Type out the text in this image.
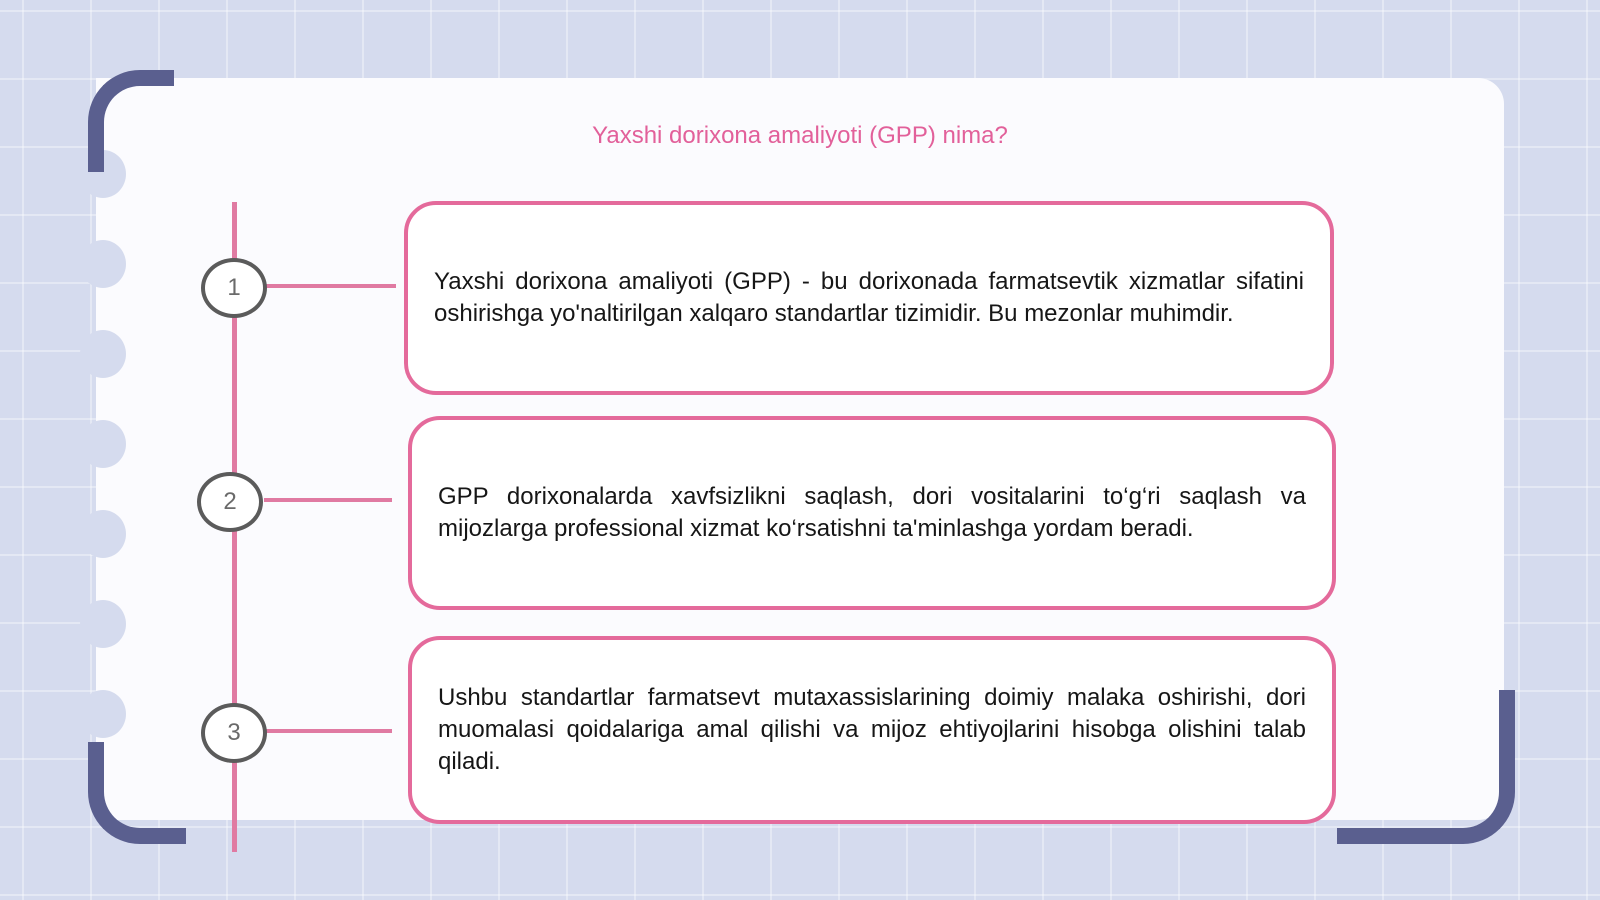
Yaxshi dorixona amaliyoti (GPP) nima?
1	Yaxshi dorixona amaliyoti (GPP) - bu dorixonada farmatsevtik xizmatlar sifatini oshirishga yo'naltirilgan xalqaro standartlar tizimidir. Bu mezonlar muhimdir.

2	GPP dorixonalarda xavfsizlikni saqlash, dori vositalarini to‘g‘ri saqlash va mijozlarga professional xizmat ko‘rsatishni ta'minlashga yordam beradi.

3

Ushbu standartlar farmatsevt mutaxassislarining doimiy malaka oshirishi, dori muomalasi qoidalariga amal qilishi va mijoz ehtiyojlarini hisobga olishini talab qiladi.
